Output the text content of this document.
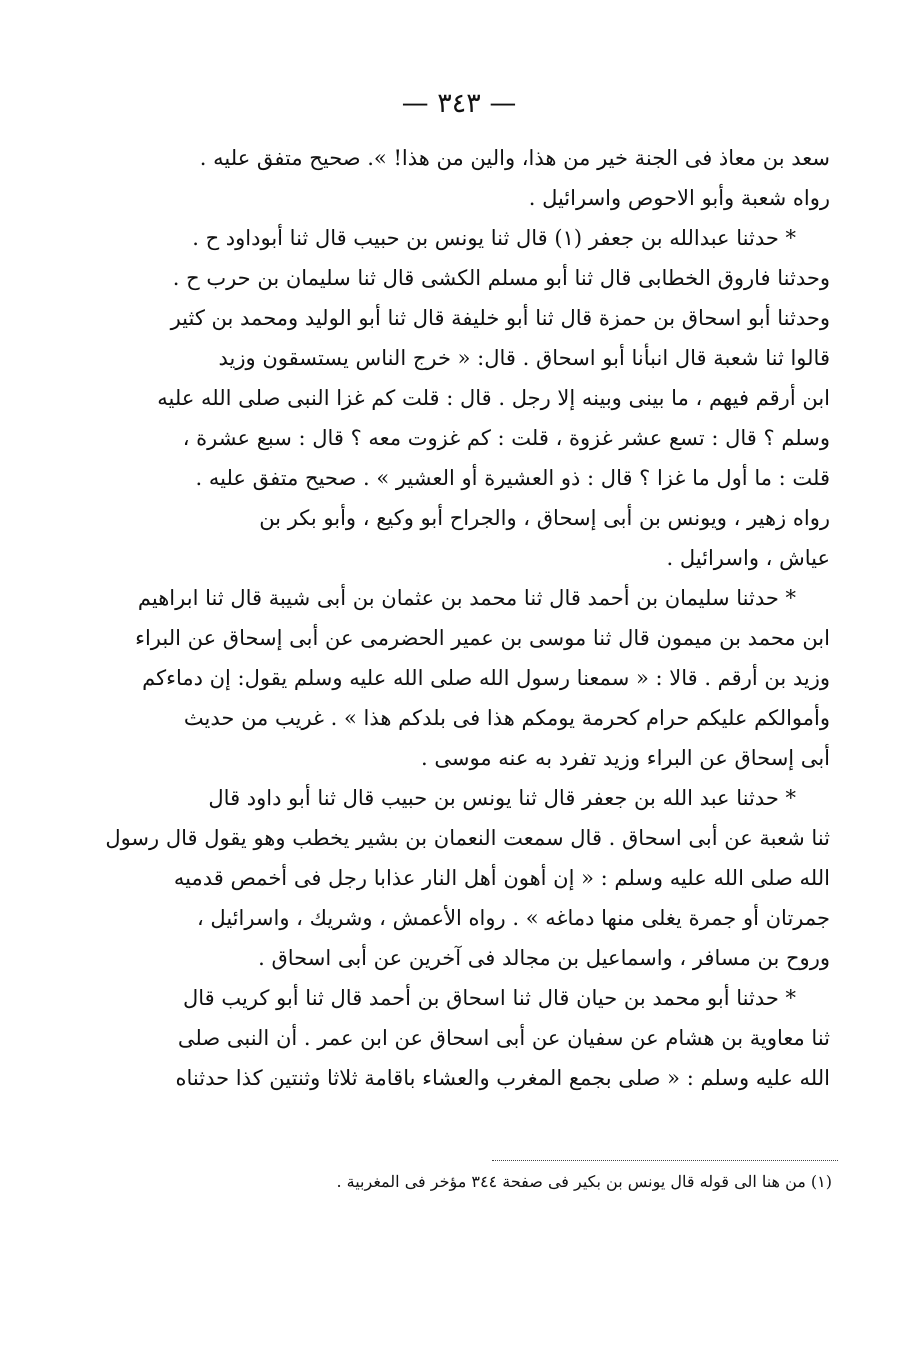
— ٣٤٣ —
سعد بن معاذ فى الجنة خير من هذا، والين من هذا! ». صحيح متفق عليه .
رواه شعبة وأبو الاحوص واسرائيل .
* حدثنا عبدالله بن جعفر (١) قال ثنا يونس بن حبيب قال ثنا أبوداود ح .
وحدثنا فاروق الخطابى قال ثنا أبو مسلم الكشى قال ثنا سليمان بن حرب ح .
وحدثنا أبو اسحاق بن حمزة قال ثنا أبو خليفة قال ثنا أبو الوليد ومحمد بن كثير
قالوا ثنا شعبة قال انبأنا أبو اسحاق . قال: « خرج الناس يستسقون وزيد
ابن أرقم فيهم ، ما بينى وبينه إلا رجل . قال : قلت كم غزا النبى صلى الله عليه
وسلم ؟ قال : تسع عشر غزوة ، قلت : كم غزوت معه ؟ قال : سبع عشرة ،
قلت : ما أول ما غزا ؟ قال : ذو العشيرة أو العشير » . صحيح متفق عليه .
رواه زهير ، ويونس بن أبى إسحاق ، والجراح أبو وكيع ، وأبو بكر بن
عياش ، واسرائيل .
* حدثنا سليمان بن أحمد قال ثنا محمد بن عثمان بن أبى شيبة قال ثنا ابراهيم
ابن محمد بن ميمون قال ثنا موسى بن عمير الحضرمى عن أبى إسحاق عن البراء
وزيد بن أرقم . قالا : « سمعنا رسول الله صلى الله عليه وسلم يقول: إن دماءكم
وأموالكم عليكم حرام كحرمة يومكم هذا فى بلدكم هذا » . غريب من حديث
أبى إسحاق عن البراء وزيد تفرد به عنه موسى .
* حدثنا عبد الله بن جعفر قال ثنا يونس بن حبيب قال ثنا أبو داود قال
ثنا شعبة عن أبى اسحاق . قال سمعت النعمان بن بشير يخطب وهو يقول قال رسول
الله صلى الله عليه وسلم : « إن أهون أهل النار عذابا رجل فى أخمص قدميه
جمرتان أو جمرة يغلى منها دماغه » . رواه الأعمش ، وشريك ، واسرائيل ،
وروح بن مسافر ، واسماعيل بن مجالد فى آخرين عن أبى اسحاق .
* حدثنا أبو محمد بن حيان قال ثنا اسحاق بن أحمد قال ثنا أبو كريب قال
ثنا معاوية بن هشام عن سفيان عن أبى اسحاق عن ابن عمر . أن النبى صلى
الله عليه وسلم : « صلى بجمع المغرب والعشاء باقامة ثلاثا وثنتين كذا حدثناه
(١) من هنا الى قوله قال يونس بن بكير فى صفحة ٣٤٤ مؤخر فى المغربية .
